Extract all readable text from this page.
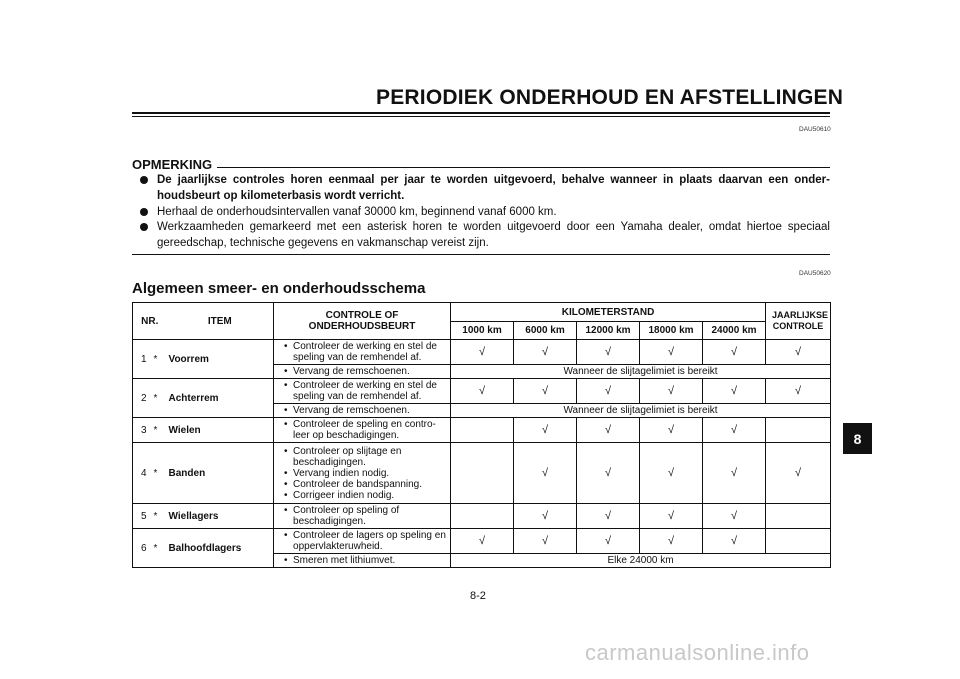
PERIODIEK ONDERHOUD EN AFSTELLINGEN
DAU50610
OPMERKING
De jaarlijkse controles horen eenmaal per jaar te worden uitgevoerd, behalve wanneer in plaats daarvan een onderhoudsbeurt op kilometerbasis wordt verricht.
Herhaal de onderhoudsintervallen vanaf 30000 km, beginnend vanaf 6000 km.
Werkzaamheden gemarkeerd met een asterisk horen te worden uitgevoerd door een Yamaha dealer, omdat hiertoe speciaal gereedschap, technische gegevens en vakmanschap vereist zijn.
DAU50620
Algemeen smeer- en onderhoudsschema
NR.		ITEM	CONTROLE OF ONDERHOUDSBEURT	KILOMETERSTAND					JAARLIJKSE CONTROLE
				1000 km	6000 km	12000 km	18000 km	24000 km	
1	*	Voorrem	• Controleer de werking en stel de speling van de remhendel af.	√	√	√	√	√	√

			• Vervang de remschoenen.	Wanneer de slijtagelimiet is bereikt					
2	*	Achterrem	• Controleer de werking en stel de speling van de remhendel af.	√	√	√	√	√	√

			• Vervang de remschoenen.	Wanneer de slijtagelimiet is bereikt					
3	*	Wielen	• Controleer de speling en controleer op beschadigingen.		√	√	√	√	
4	*	Banden	• Controleer op slijtage en beschadigingen.
• Vervang indien nodig.
• Controleer de bandspanning.
• Corrigeer indien nodig.		√	√	√	√	√
5	*	Wiellagers	• Controleer op speling of beschadigingen.		√	√	√	√	
6	*	Balhoofdlagers	• Controleer de lagers op speling en oppervlakteruwheid.	√	√	√	√	√	

			• Smeren met lithiumvet.	Elke 24000 km					
8
8-2
carmanualsonline.info
